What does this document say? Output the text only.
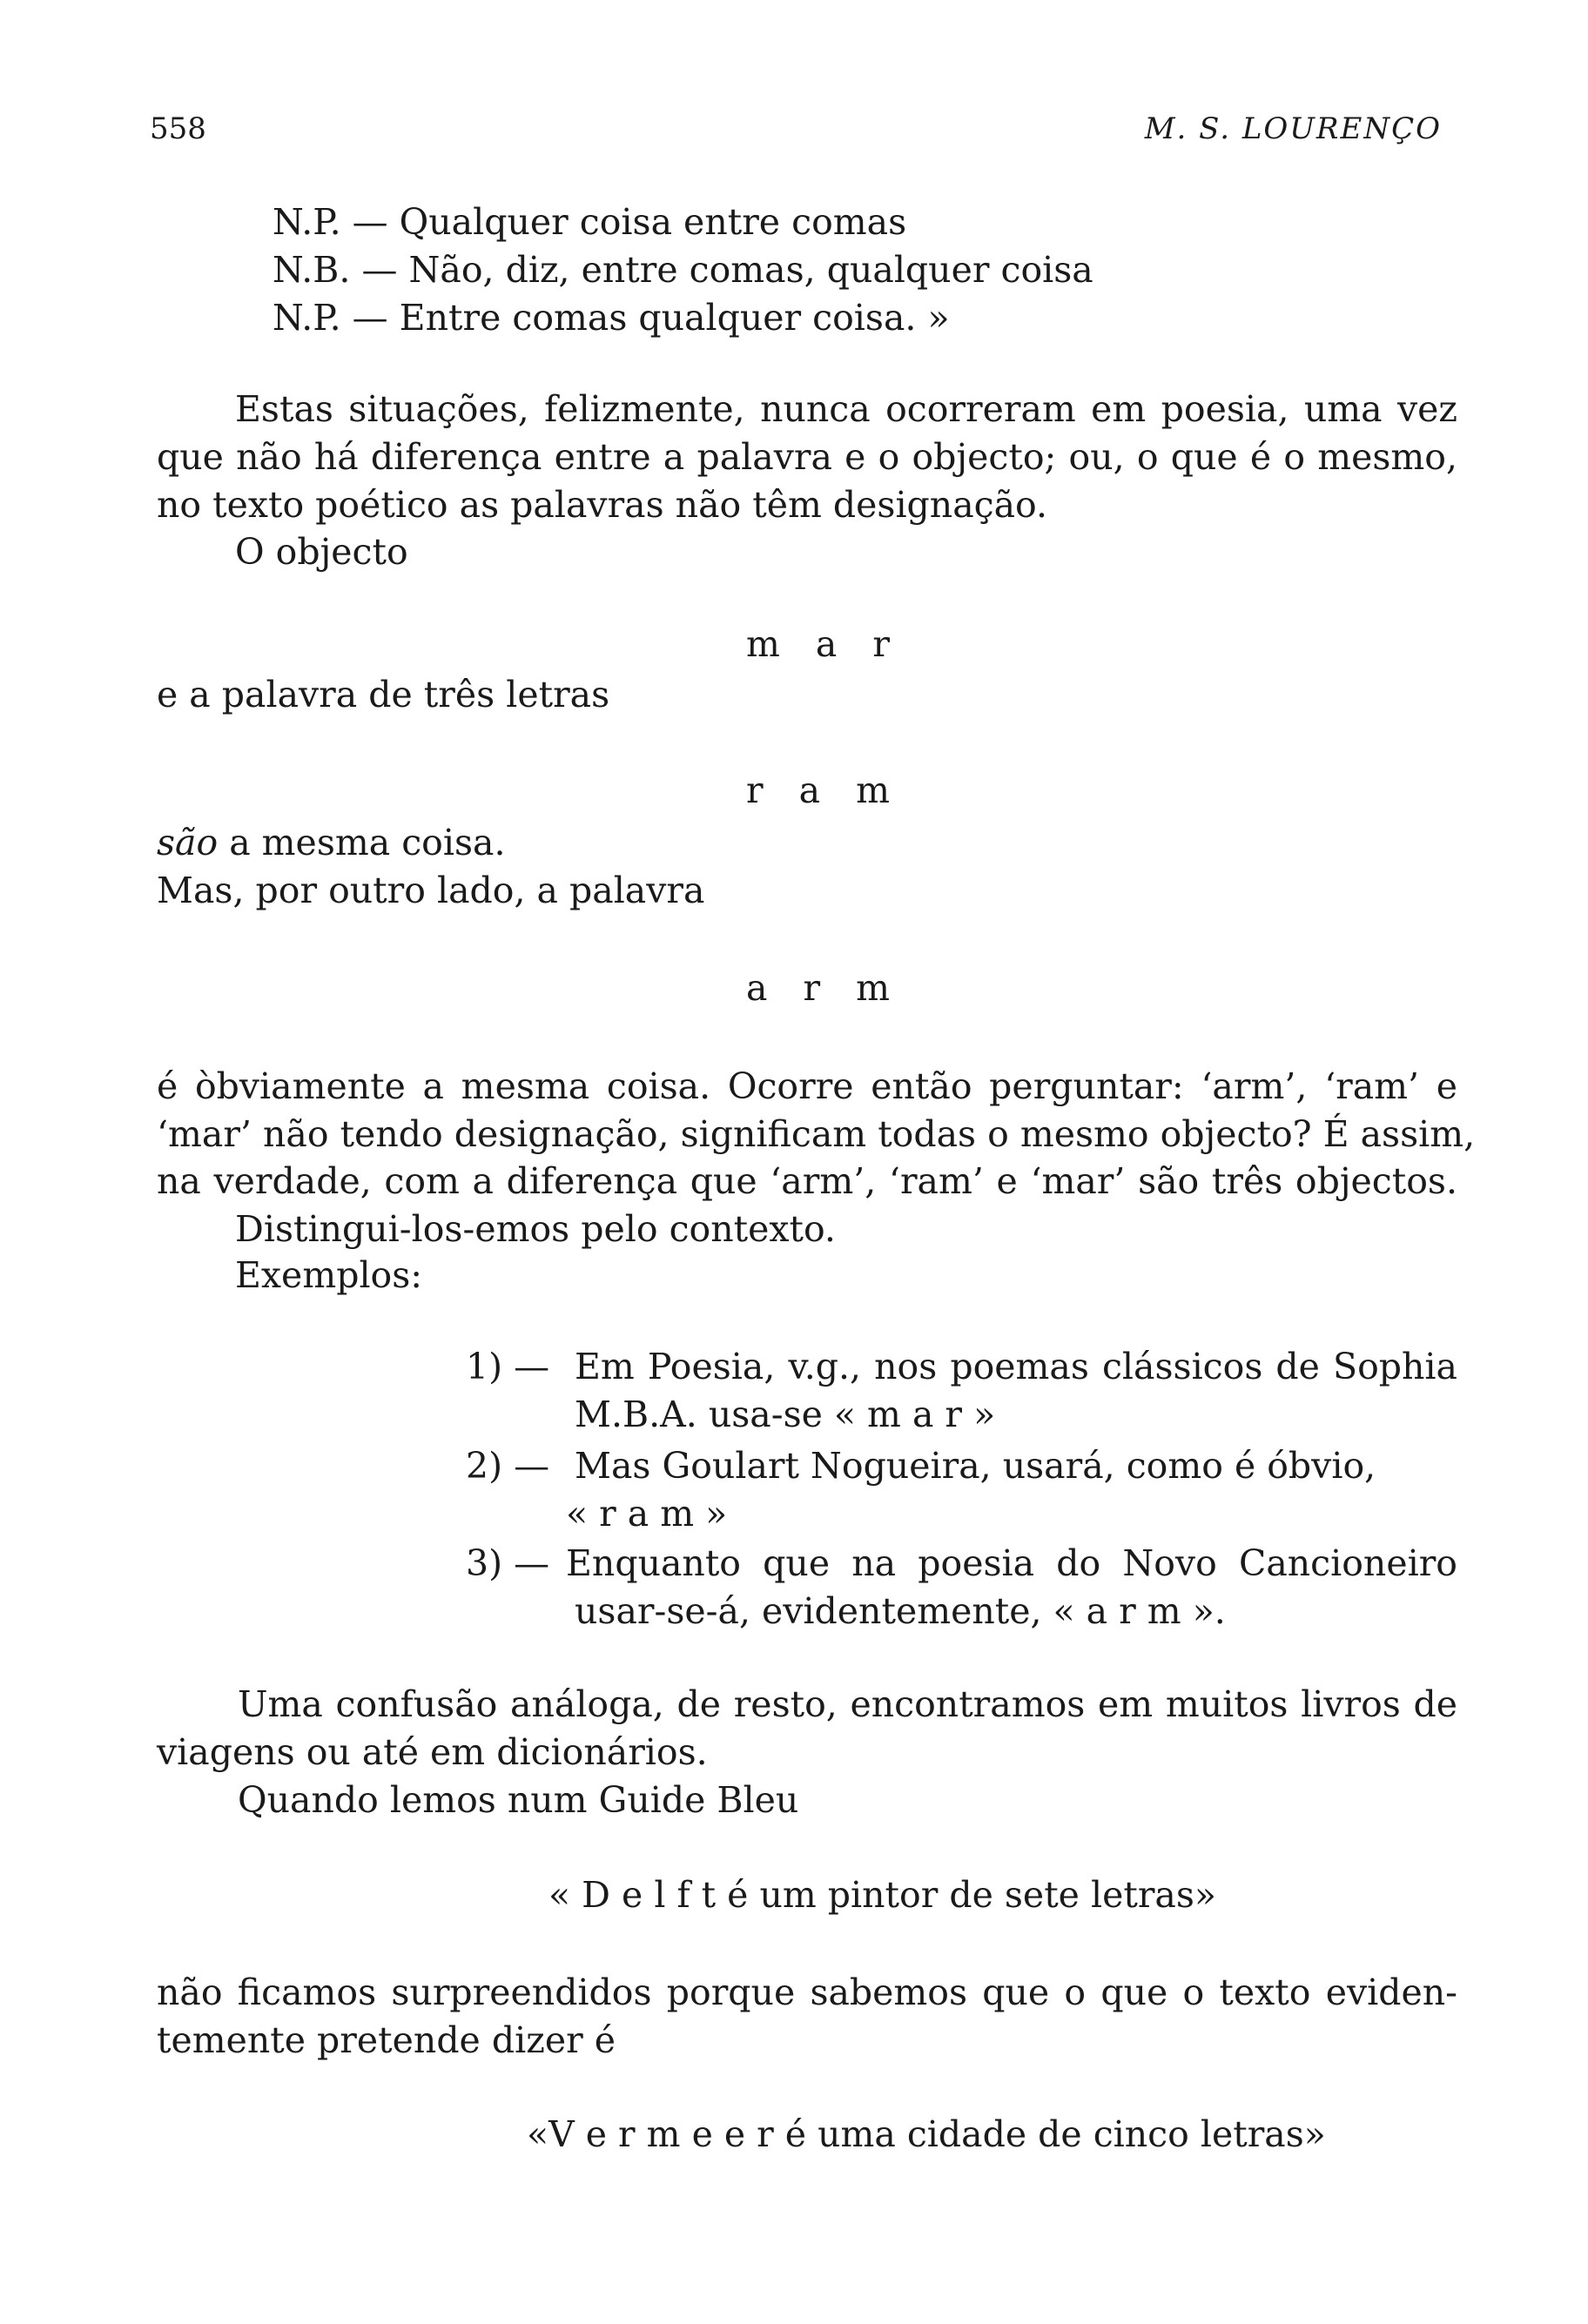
558	M. S. LOURENÇO
N.P. — Qualquer coisa entre comas
N.B. — Não, diz, entre comas, qualquer coisa
N.P. — Entre comas qualquer coisa. »
Estas situações, felizmente, nunca ocorreram em poesia, uma vez
que não há diferença entre a palavra e o objecto; ou, o que é o mesmo,
no texto poético as palavras não têm designação.
O objecto
m a r
e a palavra de três letras
r a m
são a mesma coisa.
Mas, por outro lado, a palavra
a r m
é òbviamente a mesma coisa. Ocorre então perguntar: ‘arm’, ‘ram’ e
‘mar’ não tendo designação, significam todas o mesmo objecto? É assim,
na verdade, com a diferença que ‘arm’, ‘ram’ e ‘mar’ são três objectos.
Distingui-los-emos pelo contexto.
Exemplos:
1) — Em Poesia, v.g., nos poemas clássicos de Sophia
M.B.A. usa-se « m a r »
2) — Mas Goulart Nogueira, usará, como é óbvio,
« r a m »
3) — Enquanto que na poesia do Novo Cancioneiro
usar-se-á, evidentemente, « a r m ».
Uma confusão análoga, de resto, encontramos em muitos livros de
viagens ou até em dicionários.
Quando lemos num Guide Bleu
« D e l f t é um pintor de sete letras»
não ficamos surpreendidos porque sabemos que o que o texto eviden-
temente pretende dizer é
«V e r m e e r é uma cidade de cinco letras»
